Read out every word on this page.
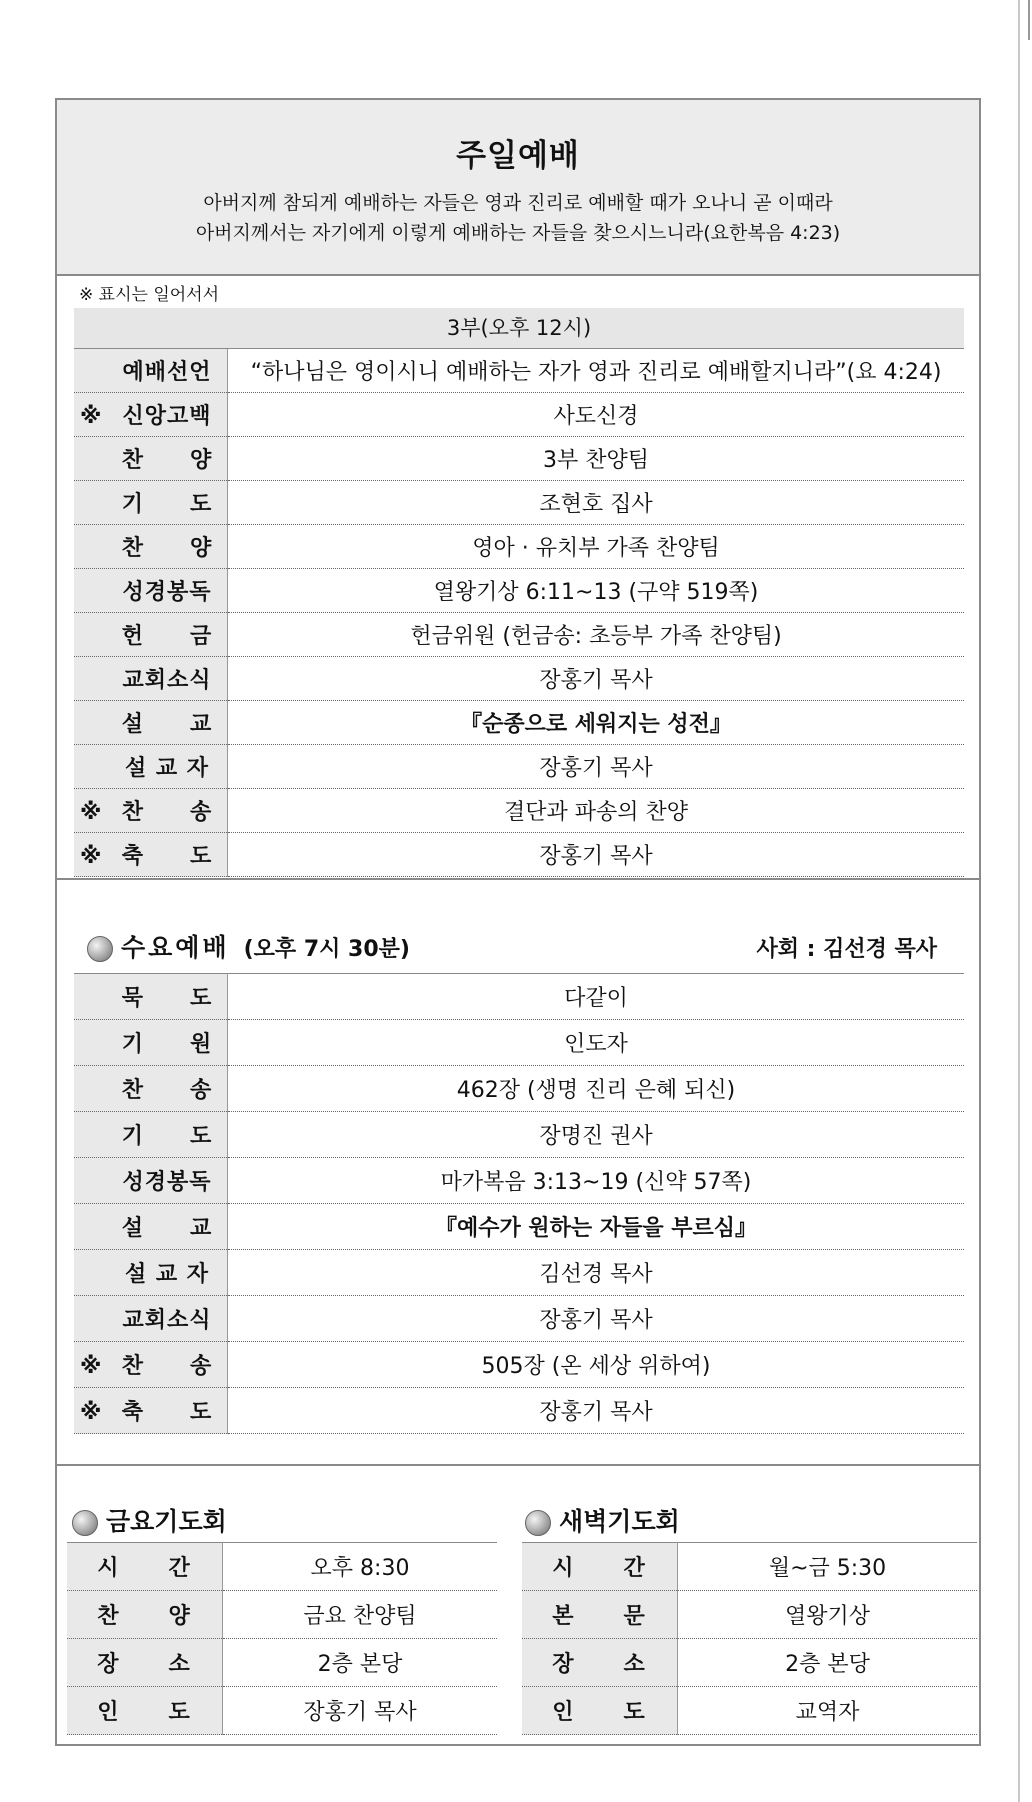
주일예배
아버지께 참되게 예배하는 자들은 영과 진리로 예배할 때가 오나니 곧 이때라
아버지께서는 자기에게 이렇게 예배하는 자들을 찾으시느니라(요한복음 4:23)
※ 표시는 일어서서
3부(오후 12시)
예배선언	“하나님은 영이시니 예배하는 자가 영과 진리로 예배할지니라”(요 4:24)
※ 신앙고백	사도신경
찬　　양	3부 찬양팀
기　　도	조현호 집사
찬　　양	영아 · 유치부 가족 찬양팀
성경봉독	열왕기상 6:11~13 (구약 519쪽)
헌　　금	헌금위원 (헌금송: 초등부 가족 찬양팀)
교회소식	장홍기 목사
설　　교	『순종으로 세워지는 성전』
설 교 자	장홍기 목사
※ 찬　　송	결단과 파송의 찬양
※ 축　　도	장홍기 목사
수요예배 (오후 7시 30분)	사회 : 김선경 목사
묵　　도	다같이
기　　원	인도자
찬　　송	462장 (생명 진리 은혜 되신)
기　　도	장명진 권사
성경봉독	마가복음 3:13~19 (신약 57쪽)
설　　교	『예수가 원하는 자들을 부르심』
설 교 자	김선경 목사
교회소식	장홍기 목사
※ 찬　　송	505장 (온 세상 위하여)
※ 축　　도	장홍기 목사
금요기도회	새벽기도회
시　　간	오후 8:30
찬　　양	금요 찬양팀
장　　소	2층 본당
인　　도	장홍기 목사
시　　간	월~금 5:30
본　　문	열왕기상
장　　소	2층 본당
인　　도	교역자
